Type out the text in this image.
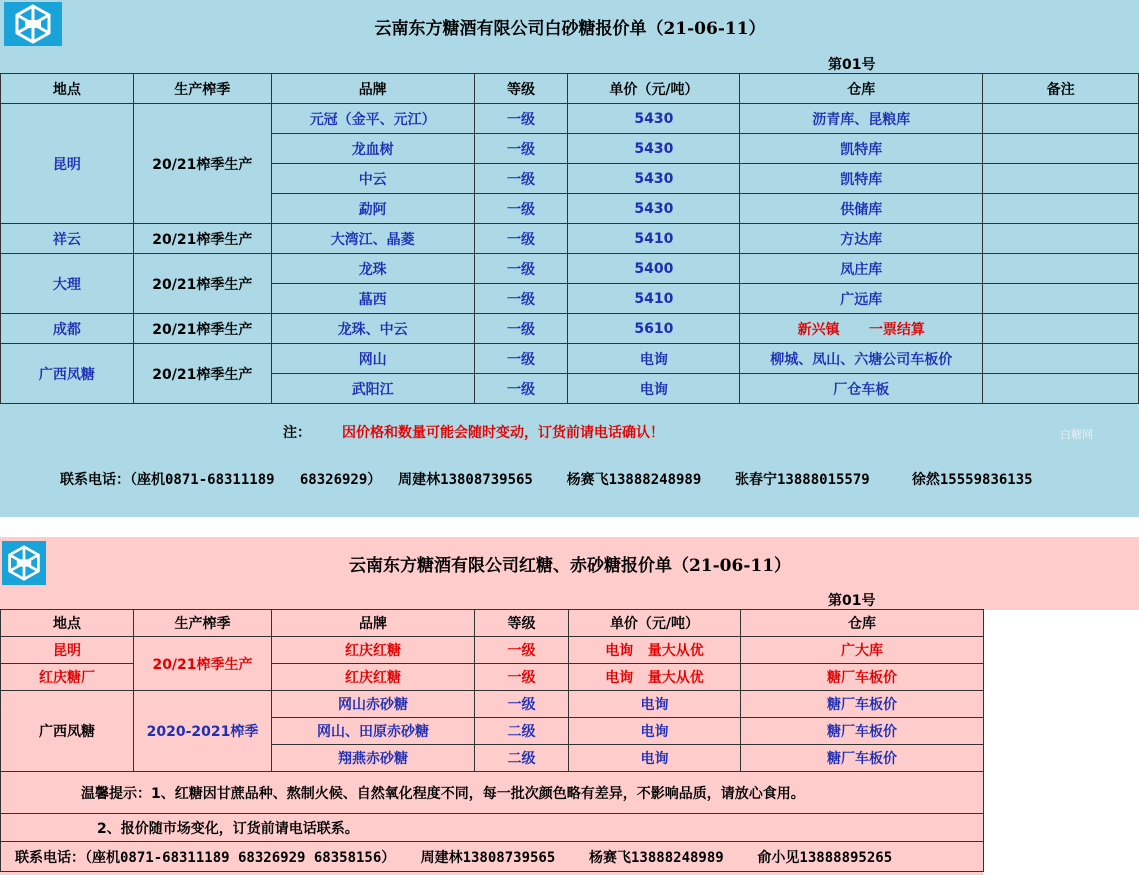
云南东方糖酒有限公司白砂糖报价单（21-06-11）
第01号
地点	生产榨季	品牌	等级	单价（元/吨）	仓库	备注
昆明	20/21榨季生产	元冠（金平、元江）	一级	5430	沥青库、昆粮库	
		龙血树	一级	5430	凯特库	
		中云	一级	5430	凯特库	
		勐阿	一级	5430	供储库	
祥云	20/21榨季生产	大湾江、晶菱	一级	5410	方达库	
大理	20/21榨季生产	龙珠	一级	5400	凤庄库	
		蕌西	一级	5410	广远库	
成都	20/21榨季生产	龙珠、中云	一级	5610	新兴镇      一票结算	
广西凤糖	20/21榨季生产	网山	一级	电询	柳城、凤山、六塘公司车板价	
		武阳江	一级	电询	厂仓车板	
注： 因价格和数量可能会随时变动，订货前请电话确认！	白糖网
联系电话：（座机0871-68311189   68326929）  周建林13808739565    杨赛飞13888248989    张春宁13888015579     徐然15559836135
云南东方糖酒有限公司红糖、赤砂糖报价单（21-06-11）
第01号
地点	生产榨季	品牌	等级	单价（元/吨）	仓库
昆明	20/21榨季生产	红庆红糖	一级	电询   量大从优	广大库
红庆糖厂		红庆红糖	一级	电询   量大从优	糖厂车板价
广西凤糖	2020-2021榨季	网山赤砂糖	一级	电询	糖厂车板价
		网山、田原赤砂糖	二级	电询	糖厂车板价
		翔燕赤砂糖	二级	电询	糖厂车板价
温馨提示：1、红糖因甘蔗品种、熬制火候、自然氧化程度不同，每一批次颜色略有差异，不影响品质，请放心食用。					
2、报价随市场变化，订货前请电话联系。					
联系电话：（座机0871-68311189 68326929 68358156）   周建林13808739565    杨赛飞13888248989    俞小见13888895265					
